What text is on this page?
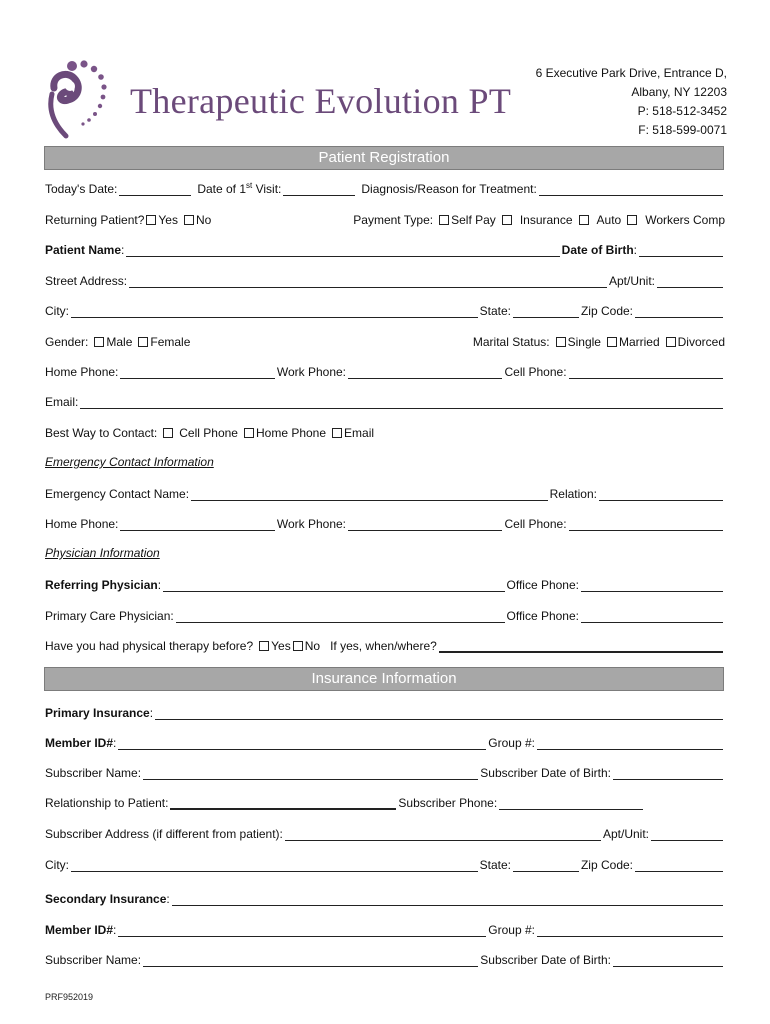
Therapeutic Evolution PT
6 Executive Park Drive, Entrance D,
Albany, NY 12203
P: 518-512-3452
F: 518-599-0071
Patient Registration
Today's Date:	Date of 1st Visit:	Diagnosis/Reason for Treatment:
Returning Patient? Yes No	Payment Type: Self Pay Insurance Auto Workers Comp
Patient Name :	Date of Birth :
Street Address:	Apt/Unit:
City:	State:	Zip Code:
Gender: Male Female	Marital Status: Single Married Divorced
Home Phone:	Work Phone:	Cell Phone:
Email:
Best Way to Contact: Cell Phone Home Phone Email
Emergency Contact Information
Emergency Contact Name:	Relation:
Home Phone:	Work Phone:	Cell Phone:
Physician Information
Referring Physician :	Office Phone:
Primary Care Physician:	Office Phone:
Have you had physical therapy before? Yes No If yes, when/where?
Insurance Information
Primary Insurance :
Member ID# :	Group #:
Subscriber Name:	Subscriber Date of Birth:
Relationship to Patient:	Subscriber Phone:
Subscriber Address (if different from patient):	Apt/Unit:
City:	State:	Zip Code:
Secondary Insurance :
Member ID# :	Group #:
Subscriber Name:	Subscriber Date of Birth:
PRF952019
